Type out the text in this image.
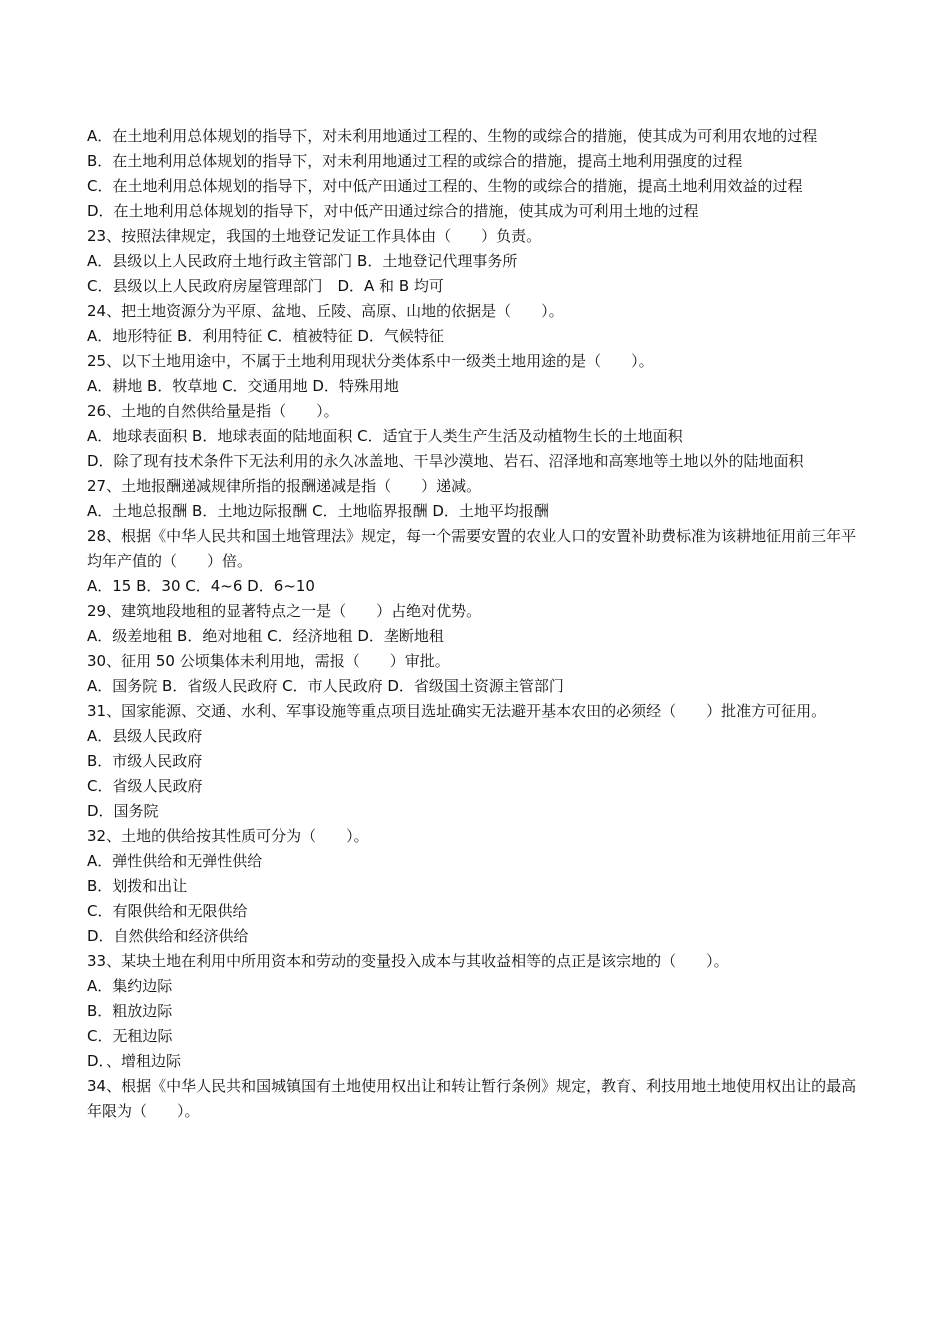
A．在土地利用总体规划的指导下，对未利用地通过工程的、生物的或综合的措施，使其成为可利用农地的过程

B．在土地利用总体规划的指导下，对未利用地通过工程的或综合的措施，提高土地利用强度的过程

C．在土地利用总体规划的指导下，对中低产田通过工程的、生物的或综合的措施，提高土地利用效益的过程

D．在土地利用总体规划的指导下，对中低产田通过综合的措施，使其成为可利用土地的过程

23、按照法律规定，我国的土地登记发证工作具体由（　　）负责。

A．县级以上人民政府土地行政主管部门 B．土地登记代理事务所

C．县级以上人民政府房屋管理部门　D．A 和 B 均可

24、把土地资源分为平原、盆地、丘陵、高原、山地的依据是（　　）。

A．地形特征 B．利用特征 C．植被特征 D．气候特征

25、以下土地用途中，不属于土地利用现状分类体系中一级类土地用途的是（　　）。

A．耕地 B．牧草地 C．交通用地 D．特殊用地

26、土地的自然供给量是指（　　）。

A．地球表面积 B．地球表面的陆地面积 C．适宜于人类生产生活及动植物生长的土地面积

D．除了现有技术条件下无法利用的永久冰盖地、干旱沙漠地、岩石、沼泽地和高寒地等土地以外的陆地面积

27、土地报酬递减规律所指的报酬递减是指（　　）递减。

A．土地总报酬 B．土地边际报酬 C．土地临界报酬 D．土地平均报酬

28、根据《中华人民共和国土地管理法》规定，每一个需要安置的农业人口的安置补助费标准为该耕地征用前三年平均年产值的（　　）倍。

A．15 B．30 C．4~6 D．6~10

29、建筑地段地租的显著特点之一是（　　）占绝对优势。

A．级差地租 B．绝对地租 C．经济地租 D．垄断地租

30、征用 50 公顷集体未利用地，需报（　　）审批。

A．国务院 B．省级人民政府 C．市人民政府 D．省级国土资源主管部门

31、国家能源、交通、水利、军事设施等重点项目选址确实无法避开基本农田的必须经（　　）批准方可征用。

A．县级人民政府

B．市级人民政府

C．省级人民政府

D．国务院

32、土地的供给按其性质可分为（　　）。

A．弹性供给和无弹性供给

B．划拨和出让

C．有限供给和无限供给

D．自然供给和经济供给

33、某块土地在利用中所用资本和劳动的变量投入成本与其收益相等的点正是该宗地的（　　）。

A．集约边际

B．粗放边际

C．无租边际

D．、增租边际

34、根据《中华人民共和国城镇国有土地使用权出让和转让暂行条例》规定，教育、利技用地土地使用权出让的最高年限为（　　）。
